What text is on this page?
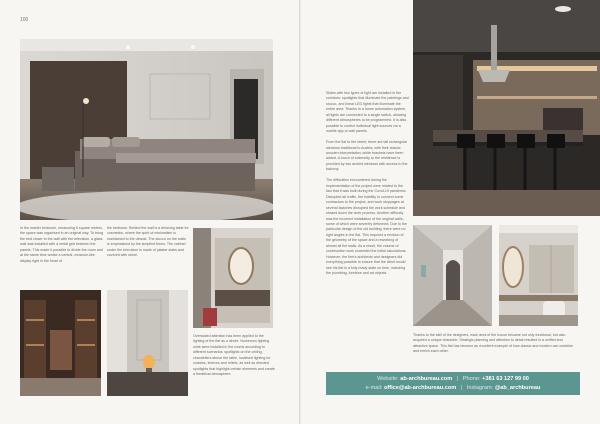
100
In the master bedroom, measuring 6 square meters, the space was organised in an original way. To bring the bed closer to the wall with the television, a glass wall was installed with a metal grid between the panels. This made it possible to divide the room and at the same time create a central, museum-like display right in the heart of
the bedroom. Behind the wall is a dressing table for cosmetics, where the spirit of minimalism is maintained to the utmost. The stucco on the walls is emphasised by the simplest forms. The cabinet under the television is made of plaster slabs and covered with stone.
Overstated attention has been applied to the lighting of the flat as a whole. Numerous lighting units were installed in the rooms according to different scenarios: spotlights on the ceiling, chandeliers above the table, localised lighting for curtains, shelves and reliefs, as well as directed spotlights that highlight certain elements and create a theatrical atmosphere.

Slides with two types of light are installed in the corridors: spotlights that illuminate the paintings and stucco, and linear LED lights that illuminate the entire area. Thanks to a home automation system, all lights are connected to a single switch, allowing different atmospheres to be programmed. It is also possible to control individual light sources via a mobile app or wall panels.

From the flat to the street, there are tall rectangular windows traditional to Austria, with their classic wooden interpretation, white brackets have been added. A touch of solemnity to the residence is provided by two arched windows with access to the balcony.

The difficulties encountered during the implementation of the project were related to the fact that it was built during the Covid-19 pandemic. Disrupted air traffic, the inability to connect some contractors to the project, and work stoppages at several factories disrupted the work schedule and slowed down the work process. Another difficulty was the incorrect installation of the original walls, some of which were severely deformed. Due to the particular design of the old building, there were no right angles in the flat. This required a revision of the geometry of the space and a reworking of almost all the walls. As a result, the volume of construction work exceeded the initial calculations. However, the firm's architects and designers did everything possible to ensure that the client would see his flat in a fully ready state on time, including the plumbing, furniture and art objects.

Thanks to the skill of the designers, each area of the house became not only functional, but also acquired a unique character. Strategic planning and attention to detail resulted in a unified and attractive space. This flat has become an excellent example of how classic and modern can combine and enrich each other.
Website: ab-archbureau.com | Phone: +381 63 127 99 00
e-mail: office@ab-archbureau.com | Instagram: @ab_archbureau
